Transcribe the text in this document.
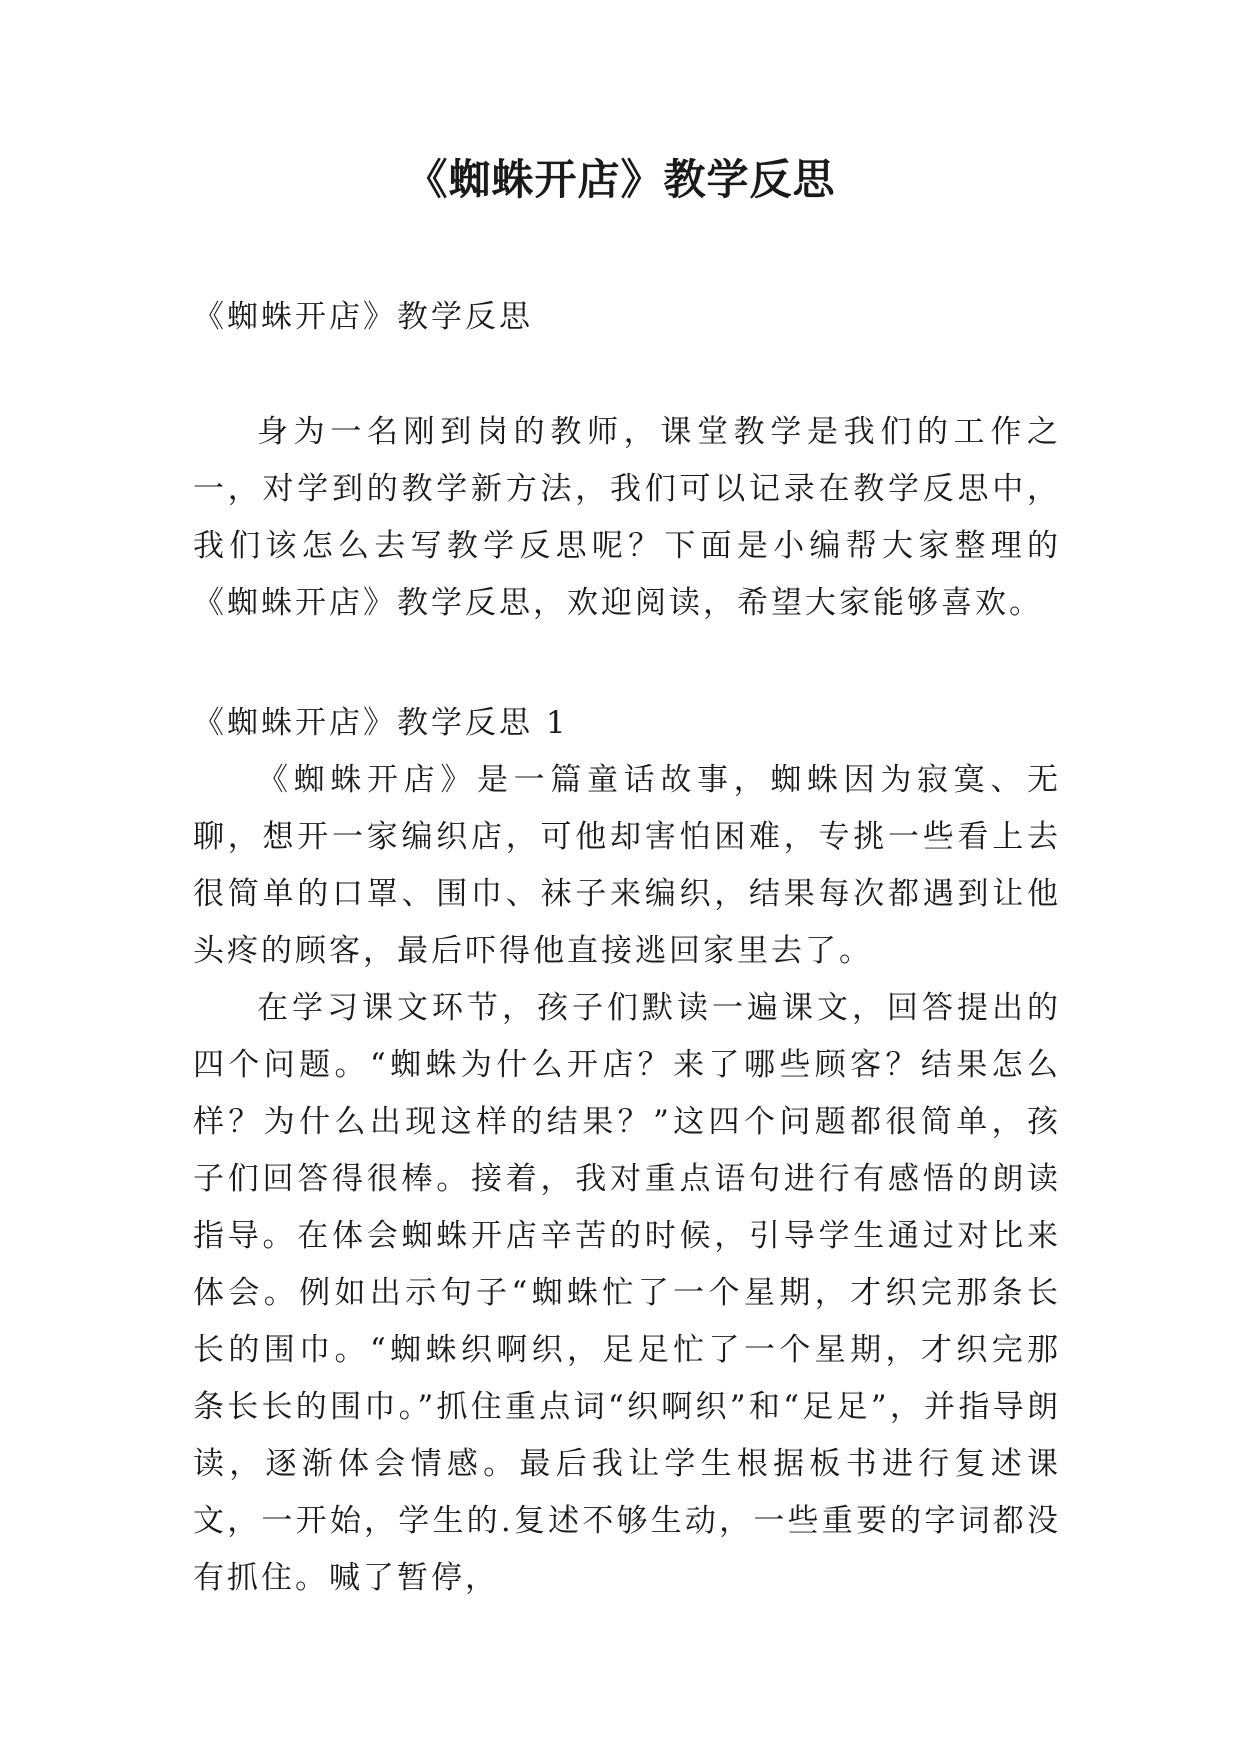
《蜘蛛开店》教学反思

《蜘蛛开店》教学反思

身为一名刚到岗的教师，课堂教学是我们的工作之一，对学到的教学新方法，我们可以记录在教学反思中，我们该怎么去写教学反思呢？下面是小编帮大家整理的《蜘蛛开店》教学反思，欢迎阅读，希望大家能够喜欢。

《蜘蛛开店》教学反思 1

《蜘蛛开店》是一篇童话故事，蜘蛛因为寂寞、无聊，想开一家编织店，可他却害怕困难，专挑一些看上去很简单的口罩、围巾、袜子来编织，结果每次都遇到让他头疼的顾客，最后吓得他直接逃回家里去了。

在学习课文环节，孩子们默读一遍课文，回答提出的四个问题。“蜘蛛为什么开店？来了哪些顾客？结果怎么样？为什么出现这样的结果？”这四个问题都很简单，孩子们回答得很棒。接着，我对重点语句进行有感悟的朗读指导。在体会蜘蛛开店辛苦的时候，引导学生通过对比来体会。例如出示句子“蜘蛛忙了一个星期，才织完那条长长的围巾。“蜘蛛织啊织，足足忙了一个星期，才织完那条长长的围巾。”抓住重点词“织啊织”和“足足”，并指导朗读，逐渐体会情感。最后我让学生根据板书进行复述课文，一开始，学生的.复述不够生动，一些重要的字词都没有抓住。喊了暂停，
